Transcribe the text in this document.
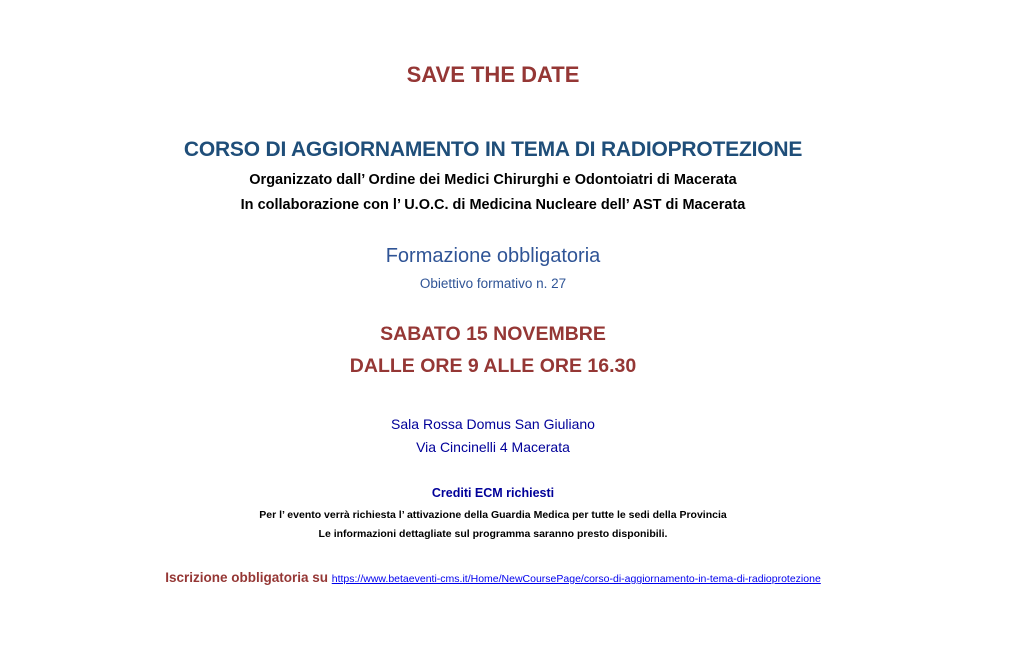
SAVE THE DATE
CORSO DI AGGIORNAMENTO IN TEMA DI RADIOPROTEZIONE
Organizzato dall’ Ordine dei Medici Chirurghi e Odontoiatri di Macerata
In collaborazione con l’ U.O.C. di Medicina Nucleare dell’ AST di Macerata
Formazione obbligatoria
Obiettivo formativo n. 27
SABATO 15 NOVEMBRE
DALLE ORE 9 ALLE ORE 16.30
Sala Rossa Domus San Giuliano
Via Cincinelli 4 Macerata
Crediti ECM richiesti
Per l’ evento verrà richiesta l’ attivazione della Guardia Medica per tutte le sedi della Provincia
Le informazioni dettagliate sul programma saranno presto disponibili.
Iscrizione obbligatoria su https://www.betaeventi-cms.it/Home/NewCoursePage/corso-di-aggiornamento-in-tema-di-radioprotezione
